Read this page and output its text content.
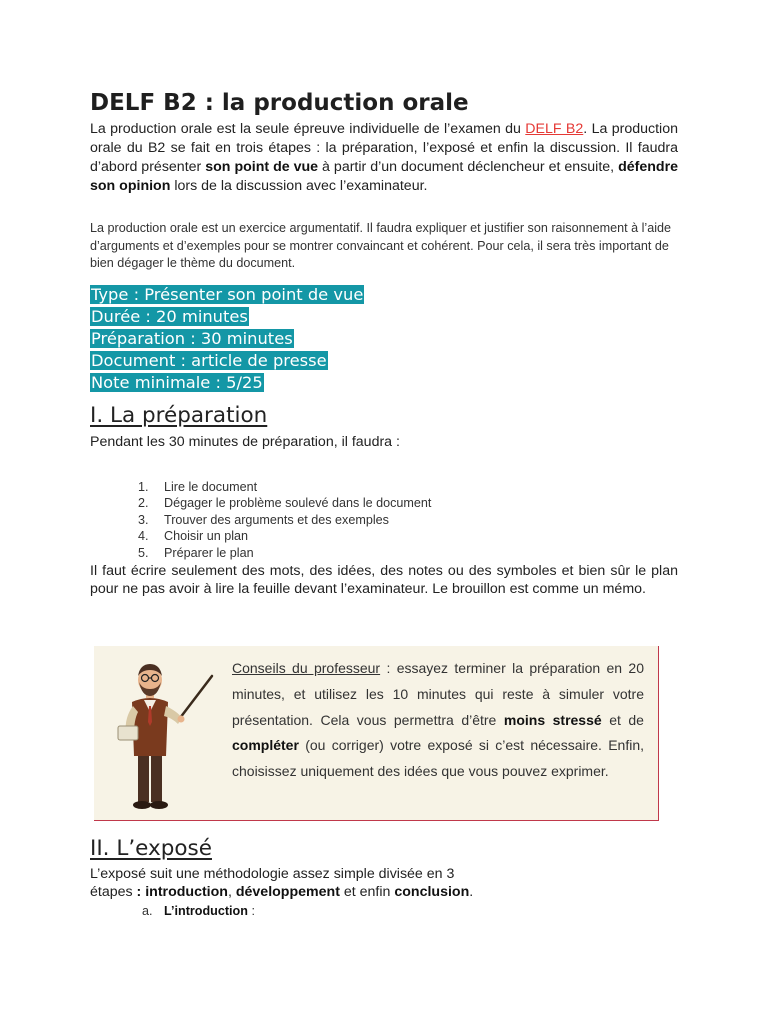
DELF B2 : la production orale

La production orale est la seule épreuve individuelle de l’examen du DELF B2. La production orale du B2 se fait en trois étapes : la préparation, l’exposé et enfin la discussion. Il faudra d’abord présenter son point de vue à partir d’un document déclencheur et ensuite, défendre son opinion lors de la discussion avec l’examinateur.

La production orale est un exercice argumentatif. Il faudra expliquer et justifier son raisonnement à l’aide d’arguments et d’exemples pour se montrer convaincant et cohérent. Pour cela, il sera très important de bien dégager le thème du document.

Type : Présenter son point de vue
Durée : 20 minutes
Préparation : 30 minutes
Document : article de presse
Note minimale : 5/25
I. La préparation

Pendant les 30 minutes de préparation, il faudra :

1.	Lire le document
2.	Dégager le problème soulevé dans le document
3.	Trouver des arguments et des exemples
4.	Choisir un plan
5.	Préparer le plan

Il faut écrire seulement des mots, des idées, des notes ou des symboles et bien sûr le plan pour ne pas avoir à lire la feuille devant l’examinateur. Le brouillon est comme un mémo.

Conseils du professeur : essayez terminer la préparation en 20 minutes, et utilisez les 10 minutes qui reste à simuler votre présentation. Cela vous permettra d’être moins stressé et de compléter (ou corriger) votre exposé si c’est nécessaire. Enfin, choisissez uniquement des idées que vous pouvez exprimer.

II. L’exposé

L’exposé suit une méthodologie assez simple divisée en 3 étapes : introduction, développement et enfin conclusion.

a. L’introduction :
